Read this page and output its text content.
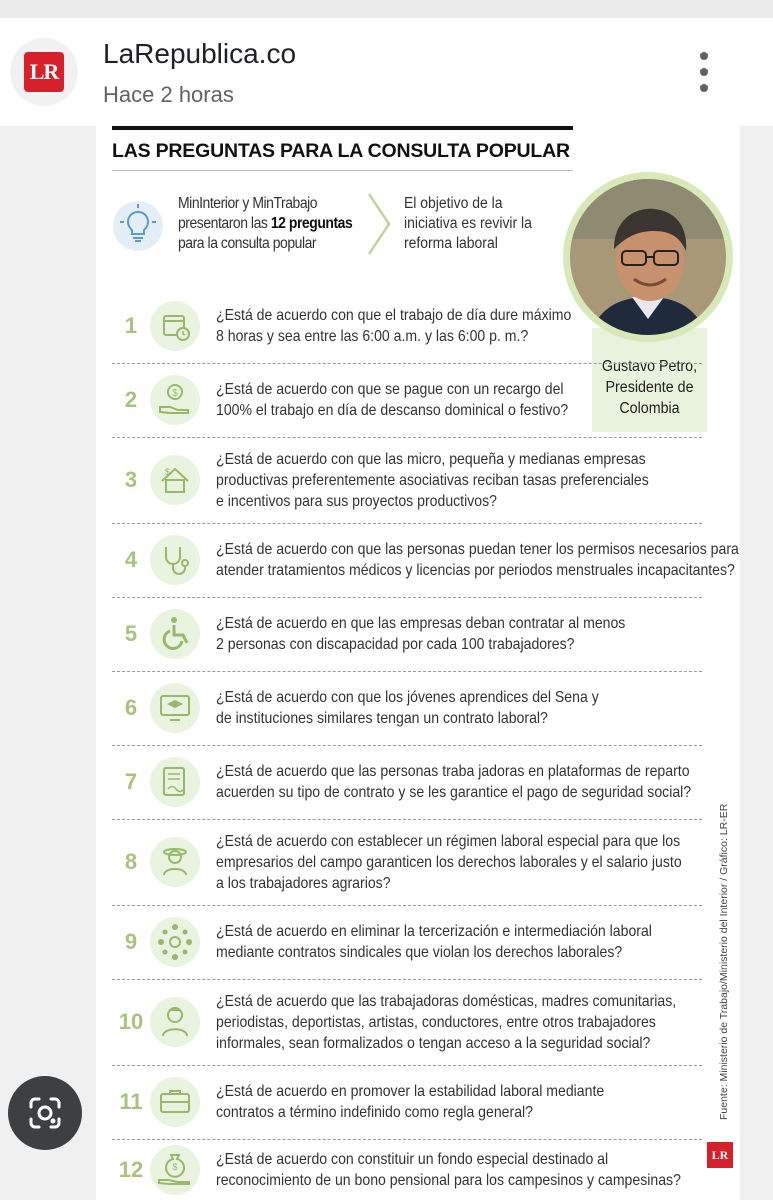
LR
LaRepublica.co
Hace 2 horas
LAS PREGUNTAS PARA LA CONSULTA POPULAR
MinInterior y MinTrabajo presentaron las 12 preguntas para la consulta popular
El objetivo de la iniciativa es revivir la reforma laboral
Gustavo Petro, Presidente de Colombia
1	¿Está de acuerdo con que el trabajo de día dure máximo
8 horas y sea entre las 6:00 a.m. y las 6:00 p. m.?
2	$ ¿Está de acuerdo con que se pague con un recargo del
100% el trabajo en día de descanso dominical o festivo?
3	$
¿Está de acuerdo con que las micro, pequeña y medianas empresas
productivas preferentemente asociativas reciban tasas preferenciales
e incentivos para sus proyectos productivos?
4	¿Está de acuerdo con que las personas puedan tener los permisos necesarios para
atender tratamientos médicos y licencias por periodos menstruales incapacitantes?
5	¿Está de acuerdo en que las empresas deban contratar al menos
2 personas con discapacidad por cada 100 trabajadores?
6	¿Está de acuerdo con que los jóvenes aprendices del Sena y
de instituciones similares tengan un contrato laboral?
7	¿Está de acuerdo que las personas traba jadoras en plataformas de reparto
acuerden su tipo de contrato y se les garantice el pago de seguridad social?
8
¿Está de acuerdo con establecer un régimen laboral especial para que los
empresarios del campo garanticen los derechos laborales y el salario justo
a los trabajadores agrarios?
9	¿Está de acuerdo en eliminar la tercerización e intermediación laboral
mediante contratos sindicales que violan los derechos laborales?
10
¿Está de acuerdo que las trabajadoras domésticas, madres comunitarias,
periodistas, deportistas, artistas, conductores, entre otros trabajadores
informales, sean formalizados o tengan acceso a la seguridad social?
11	¿Está de acuerdo en promover la estabilidad laboral mediante
contratos a término indefinido como regla general?
12	$ ¿Está de acuerdo con constituir un fondo especial destinado al
reconocimiento de un bono pensional para los campesinos y campesinas?
Fuente: Ministerio de Trabajo/Ministerio del Interior / Gráfico: LR-ER
LR
